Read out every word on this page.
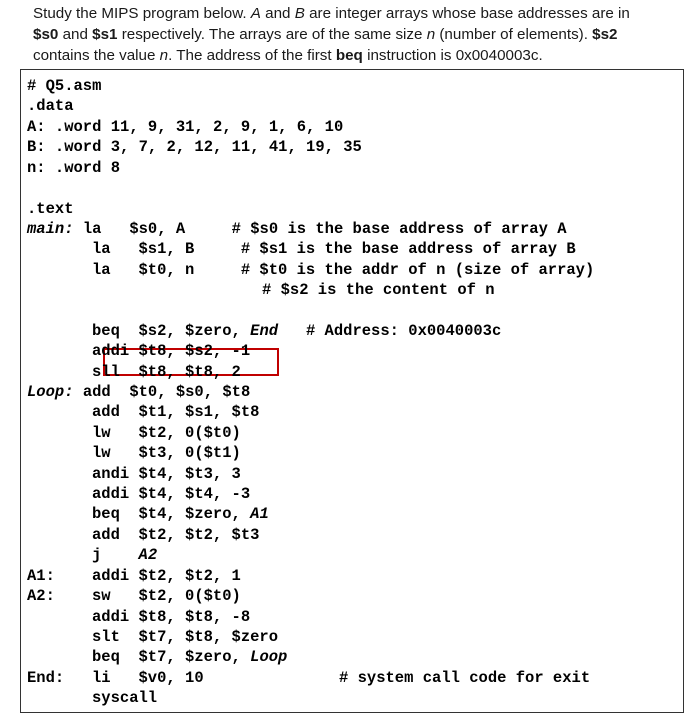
Study the MIPS program below. A and B are integer arrays whose base addresses are in

$s0 and $s1 respectively. The arrays are of the same size n (number of elements). $s2

contains the value n. The address of the first beq instruction is 0x0040003c.

# Q5.asm
.data
A: .word 11, 9, 31, 2, 9, 1, 6, 10
B: .word 3, 7, 2, 12, 11, 41, 19, 35
n: .word 8
.text
main: la   $s0, A     # $s0 is the base address of array A
la   $s1, B     # $s1 is the base address of array B
la   $t0, n     # $t0 is the addr of n (size of array)
# $s2 is the content of n
beq  $s2, $zero, End   # Address: 0x0040003c
addi $t8, $s2, -1
sll  $t8, $t8, 2
Loop: add  $t0, $s0, $t8
add  $t1, $s1, $t8
lw   $t2, 0($t0)
lw   $t3, 0($t1)
andi $t4, $t3, 3
addi $t4, $t4, -3
beq  $t4, $zero, A1
add  $t2, $t2, $t3
j    A2
A1: addi $t2, $t2, 1
A2: sw   $t2, 0($t0)
addi $t8, $t8, -8
slt  $t7, $t8, $zero
beq  $t7, $zero, Loop
End: li   $v0, 10	# system call code for exit
syscall
